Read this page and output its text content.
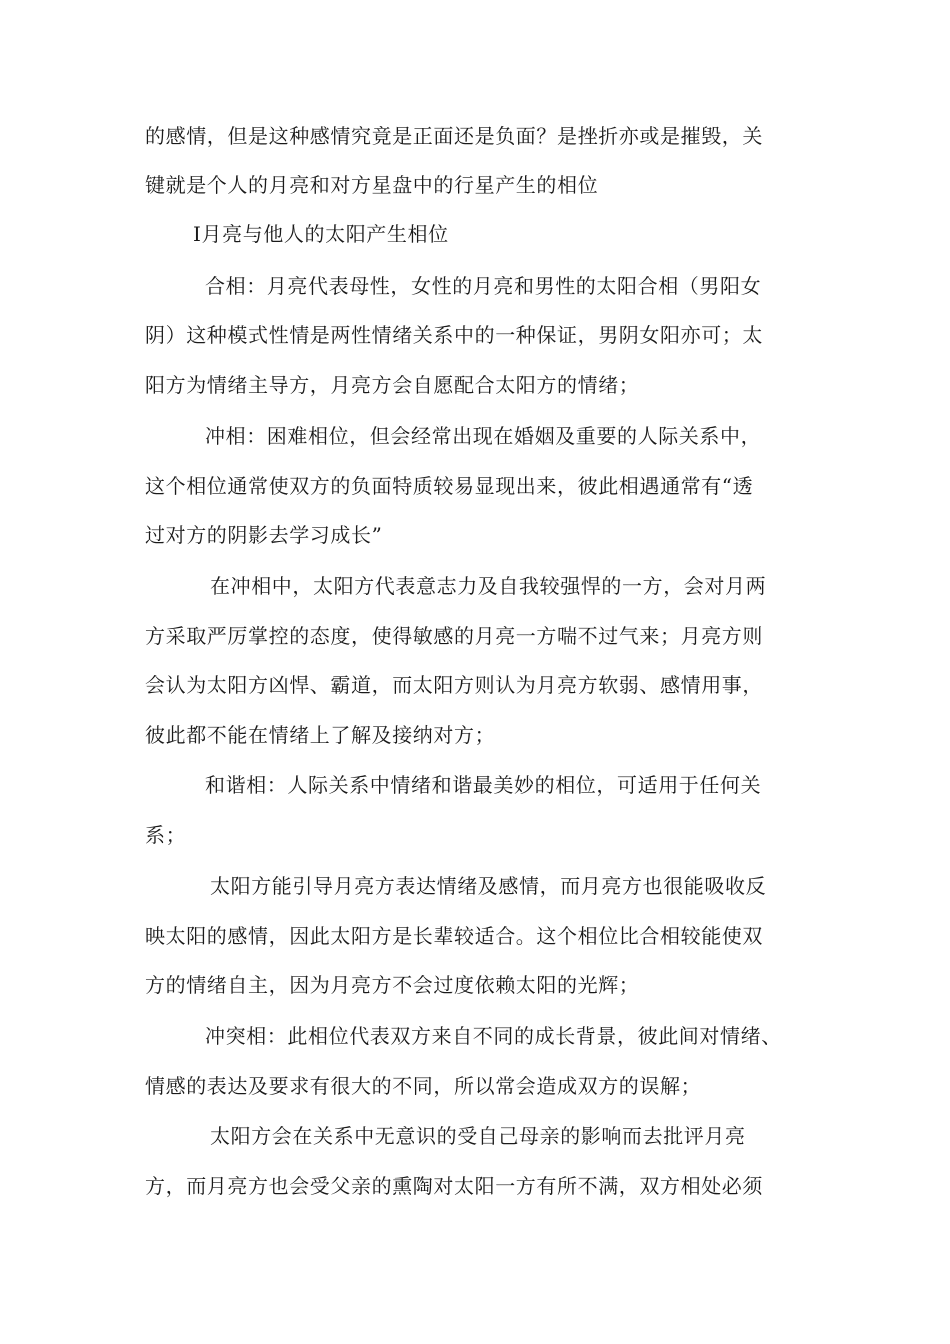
的感情，但是这种感情究竟是正面还是负面？是挫折亦或是摧毁，关
键就是个人的月亮和对方星盘中的行星产生的相位
Ⅰ月亮与他人的太阳产生相位
合相：月亮代表母性，女性的月亮和男性的太阳合相（男阳女
阴）这种模式性情是两性情绪关系中的一种保证，男阴女阳亦可；太
阳方为情绪主导方，月亮方会自愿配合太阳方的情绪；
冲相：困难相位，但会经常出现在婚姻及重要的人际关系中，
这个相位通常使双方的负面特质较易显现出来，彼此相遇通常有“透
过对方的阴影去学习成长”
在冲相中，太阳方代表意志力及自我较强悍的一方，会对月两
方采取严厉掌控的态度，使得敏感的月亮一方喘不过气来；月亮方则
会认为太阳方凶悍、霸道，而太阳方则认为月亮方软弱、感情用事，
彼此都不能在情绪上了解及接纳对方；
和谐相：人际关系中情绪和谐最美妙的相位，可适用于任何关
系；
太阳方能引导月亮方表达情绪及感情，而月亮方也很能吸收反
映太阳的感情，因此太阳方是长辈较适合。这个相位比合相较能使双
方的情绪自主，因为月亮方不会过度依赖太阳的光辉；
冲突相：此相位代表双方来自不同的成长背景，彼此间对情绪、
情感的表达及要求有很大的不同，所以常会造成双方的误解；
太阳方会在关系中无意识的受自己母亲的影响而去批评月亮
方，而月亮方也会受父亲的熏陶对太阳一方有所不满，双方相处必须
